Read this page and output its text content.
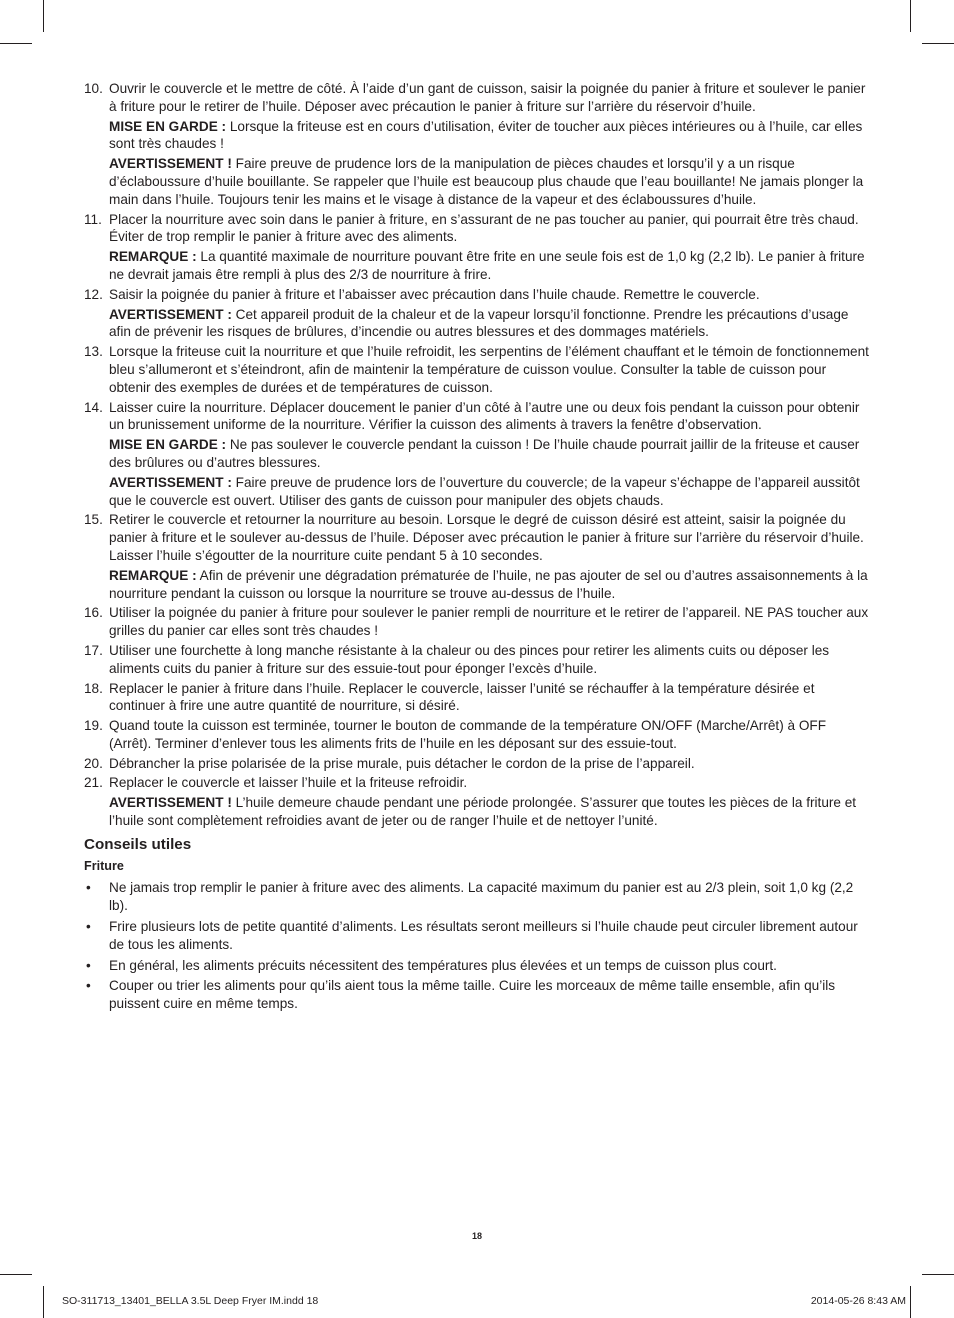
10. Ouvrir le couvercle et le mettre de côté. À l’aide d’un gant de cuisson, saisir la poignée du panier à friture et soulever le panier à friture pour le retirer de l’huile. Déposer avec précaution le panier à friture sur l’arrière du réservoir d’huile.

MISE EN GARDE : Lorsque la friteuse est en cours d’utilisation, éviter de toucher aux pièces intérieures ou à l’huile, car elles sont très chaudes !

AVERTISSEMENT ! Faire preuve de prudence lors de la manipulation de pièces chaudes et lorsqu’il y a un risque d’éclaboussure d’huile bouillante. Se rappeler que l’huile est beaucoup plus chaude que l’eau bouillante! Ne jamais plonger la main dans l’huile. Toujours tenir les mains et le visage à distance de la vapeur et des éclaboussures d’huile.

11. Placer la nourriture avec soin dans le panier à friture, en s’assurant de ne pas toucher au panier, qui pourrait être très chaud. Éviter de trop remplir le panier à friture avec des aliments.

REMARQUE : La quantité maximale de nourriture pouvant être frite en une seule fois est de 1,0 kg (2,2 lb). Le panier à friture ne devrait jamais être rempli à plus des 2/3 de nourriture à frire.

12. Saisir la poignée du panier à friture et l’abaisser avec précaution dans l’huile chaude. Remettre le couvercle.

AVERTISSEMENT : Cet appareil produit de la chaleur et de la vapeur lorsqu’il fonctionne. Prendre les précautions d’usage afin de prévenir les risques de brûlures, d’incendie ou autres blessures et des dommages matériels.

13. Lorsque la friteuse cuit la nourriture et que l’huile refroidit, les serpentins de l’élément chauffant et le témoin de fonctionnement bleu s’allumeront et s’éteindront, afin de maintenir la température de cuisson voulue. Consulter la table de cuisson pour obtenir des exemples de durées et de températures de cuisson.

14. Laisser cuire la nourriture. Déplacer doucement le panier d’un côté à l’autre une ou deux fois pendant la cuisson pour obtenir un brunissement uniforme de la nourriture. Vérifier la cuisson des aliments à travers la fenêtre d’observation.

MISE EN GARDE : Ne pas soulever le couvercle pendant la cuisson ! De l’huile chaude pourrait jaillir de la friteuse et causer des brûlures ou d’autres blessures.

AVERTISSEMENT : Faire preuve de prudence lors de l’ouverture du couvercle; de la vapeur s’échappe de l’appareil aussitôt que le couvercle est ouvert. Utiliser des gants de cuisson pour manipuler des objets chauds.

15. Retirer le couvercle et retourner la nourriture au besoin. Lorsque le degré de cuisson désiré est atteint, saisir la poignée du panier à friture et le soulever au-dessus de l’huile. Déposer avec précaution le panier à friture sur l’arrière du réservoir d’huile. Laisser l’huile s’égoutter de la nourriture cuite pendant 5 à 10 secondes.

REMARQUE : Afin de prévenir une dégradation prématurée de l’huile, ne pas ajouter de sel ou d’autres assaisonnements à la nourriture pendant la cuisson ou lorsque la nourriture se trouve au-dessus de l’huile.

16. Utiliser la poignée du panier à friture pour soulever le panier rempli de nourriture et le retirer de l’appareil. NE PAS toucher aux grilles du panier car elles sont très chaudes !

17. Utiliser une fourchette à long manche résistante à la chaleur ou des pinces pour retirer les aliments cuits ou déposer les aliments cuits du panier à friture sur des essuie-tout pour éponger l’excès d’huile.

18. Replacer le panier à friture dans l’huile. Replacer le couvercle, laisser l’unité se réchauffer à la température désirée et continuer à frire une autre quantité de nourriture, si désiré.

19. Quand toute la cuisson est terminée, tourner le bouton de commande de la température ON/OFF (Marche/Arrêt) à OFF (Arrêt). Terminer d’enlever tous les aliments frits de l’huile en les déposant sur des essuie-tout.

20. Débrancher la prise polarisée de la prise murale, puis détacher le cordon de la prise de l’appareil.

21. Replacer le couvercle et laisser l’huile et la friteuse refroidir.

AVERTISSEMENT ! L’huile demeure chaude pendant une période prolongée. S’assurer que toutes les pièces de la friture et l’huile sont complètement refroidies avant de jeter ou de ranger l’huile et de nettoyer l’unité.

Conseils utiles
Friture
• Ne jamais trop remplir le panier à friture avec des aliments. La capacité maximum du panier est au 2/3 plein, soit 1,0 kg (2,2 lb).

• Frire plusieurs lots de petite quantité d’aliments. Les résultats seront meilleurs si l’huile chaude peut circuler librement autour de tous les aliments.

• En général, les aliments précuits nécessitent des températures plus élevées et un temps de cuisson plus court.

• Couper ou trier les aliments pour qu’ils aient tous la même taille. Cuire les morceaux de même taille ensemble, afin qu’ils puissent cuire en même temps.

18
SO-311713_13401_BELLA 3.5L Deep Fryer IM.indd 18	2014-05-26 8:43 AM
